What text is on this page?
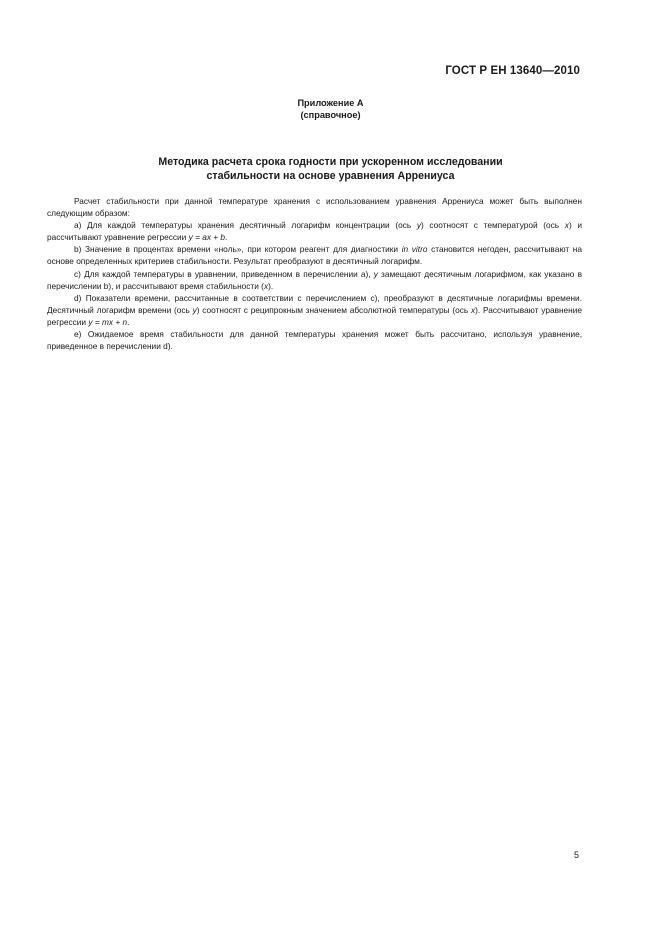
ГОСТ Р ЕН 13640—2010
Приложение А
(справочное)
Методика расчета срока годности при ускоренном исследовании
стабильности на основе уравнения Аррениуса

Расчет стабильности при данной температуре хранения с использованием уравнения Аррениуса может быть выполнен следующим образом:

а) Для каждой температуры хранения десятичный логарифм концентрации (ось у) соотносят с температурой (ось х) и рассчитывают уравнение регрессии у = ах + b.

b) Значение в процентах времени «ноль», при котором реагент для диагностики in vitro становится негоден, рассчитывают на основе определенных критериев стабильности. Результат преобразуют в десятичный логарифм.

с) Для каждой температуры в уравнении, приведенном в перечислении а), у замещают десятичным логарифмом, как указано в перечислении b), и рассчитывают время стабильности (х).

d) Показатели времени, рассчитанные в соответствии с перечислением с), преобразуют в десятичные логарифмы времени. Десятичный логарифм времени (ось у) соотносят с реципрокным значением абсолютной температуры (ось х). Рассчитывают уравнение регрессии у = mх + n.

е) Ожидаемое время стабильности для данной температуры хранения может быть рассчитано, используя уравнение, приведенное в перечислении d).

5
